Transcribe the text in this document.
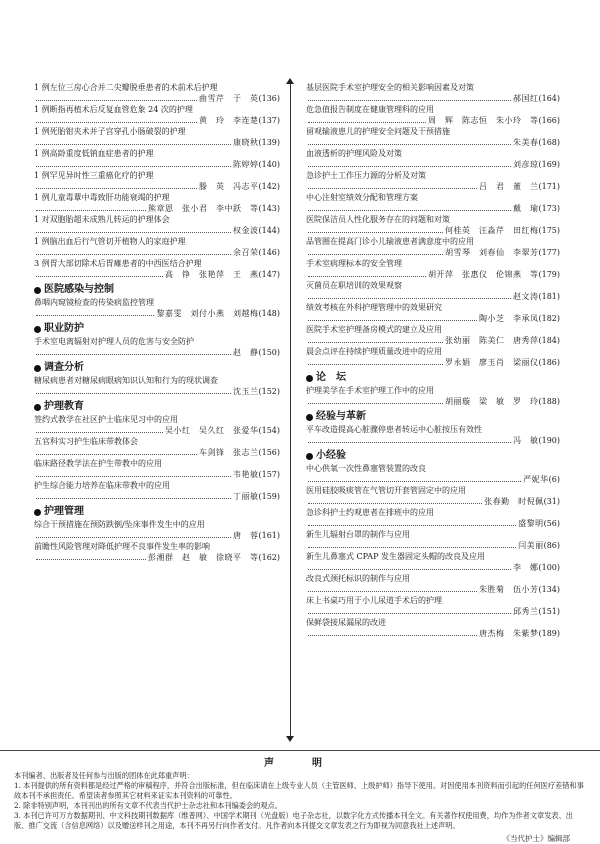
1 例左位三房心合并二尖瓣脱垂患者的术前术后护理
曲雪芹　于　英 (136)
1 例断指再植术后反复血管危象 24 次的护理
黄　玲　李连楚 (137)
1 例死胎钳夹术并子宫穿孔小肠破裂的护理
康晓秋 (139)
1 例高龄重度低钠血症患者的护理
陈婷婷 (140)
1 例罕见异时性三重癌化疗的护理
滕　英　冯志平 (142)
1 例儿童毒蕈中毒致肝功能衰竭的护理
熊章恩　张小君　李中跃　等 (143)
1 对双胞胎超未成熟儿转运的护理体会
权金波 (144)
1 例脑出血后行气管切开植物人的家庭护理
余召荣 (146)
3 例胃大部切除术后胃瘫患者的中西医结合护理
高　铮　张艳萍　王　燕 (147)
医院感染与控制
鼻咽内窥镜检查的传染病监控管理
黎嘉雯　刘付小燕　刘越梅 (148)
职业防护
手术室电离辐射对护理人员的危害与安全防护
赵　静 (150)
调查分析
糖尿病患者对糖尿病眼病知识认知和行为的现状调查
沈玉兰 (152)
护理教育
签约式教学在社区护士临床见习中的应用
吴小红　吴久红　张爱华 (154)
五官科实习护生临床带教体会
车剑锋　张志兰 (156)
临床路径教学法在护生带教中的应用
韦艳敏 (157)
护生综合能力培养在临床带教中的应用
丁丽敏 (159)
护理管理
综合干预措施在预防跌倒/坠床事件发生中的应用
唐　蓉 (161)
前瞻性风险管理对降低护理不良事件发生率的影响
彭湘群　赵　敏　徐晓平　等 (162)
基层医院手术室护理安全的相关影响因素及对策
郝国红 (164)
危急值报告制度在健康管理科的应用
周　辉　陈志恒　朱小玲　等 (166)
留观输液患儿的护理安全问题及干预措施
朱美春 (168)
血液透析的护理风险及对策
刘彦琼 (169)
急诊护士工作压力源的分析及对策
吕　君　董　兰 (171)
中心注射室绩效分配和管理方案
戴　瑜 (173)
医院保洁员人性化服务存在的问题和对策
何桂英　汪淼芹　田红梅 (175)
品管圈在提高门诊小儿输液患者满意度中的应用
胡雪琴　刘春仙　李翠芳 (177)
手术室病理标本的安全管理
胡开萍　张惠仪　伦锦燕　等 (179)
灭菌员在职培训的效果观察
赵文涛 (181)
绩效考核在外科护理管理中的效果研究
陶小芝　李承凤 (182)
医院手术室护理备房模式的建立及应用
张幼丽　陈美仁　唐秀萍 (184)
晨会点评在持续护理质量改进中的应用
罗永娟　廖玉肖　梁丽仪 (186)
论　坛
护理美学在手术室护理工作中的应用
胡丽璇　梁　敏　罗　玲 (188)
经验与革新
平车改造提高心脏骤停患者转运中心脏按压有效性
冯　敏 (190)
小经验
中心供氧一次性鼻塞管装置的改良
严妮华 (6)
医用硅胶吸痰管在气管切开套管固定中的应用
张春勤　时倪佩 (31)
急诊科护士约观患者在排班中的应用
盛黎明 (56)
新生儿辐射台罩的制作与应用
闫美丽 (86)
新生儿鼻塞式 CPAP 发生器固定头帽的改良及应用
李　娜 (100)
改良式颈托标识的制作与应用
朱胜菊　伍小芳 (134)
床上书桌巧用于小儿尿道手术后的护理
邱秀兰 (151)
保鲜袋接尿漏尿的改进
唐杰梅　朱紫梦 (189)
声　明

本刊编者、出版者及任何参与出版的团体在此郑重声明：

1. 本刊提供的所有资料都是经过严格的审稿程序，并符合出版标准，但在临床请在上级专业人员（主管医师、上级护师）指导下使用。对因使用本刊资料而引起的任何医疗差错和事故本刊不承担责任。希望读者参照其它材料来证实本刊资料的可靠性。

2. 除非特别声明，本刊刊出的所有文章不代表当代护士杂志社和本刊编委会的观点。

3. 本刊已许可万方数据期刊、中文科技期刊数据库（维普网）、中国学术期刊（光盘版）电子杂志社，以数字化方式传播本刊全文。有关著作权使用费，均作为作者文章发表、出版、推广交流（含信息网络）以及赠送样刊之用途，本刊不再另行向作者支付。凡作者向本刊提交文章发表之行为即视为同意我社上述声明。

《当代护士》编辑部
